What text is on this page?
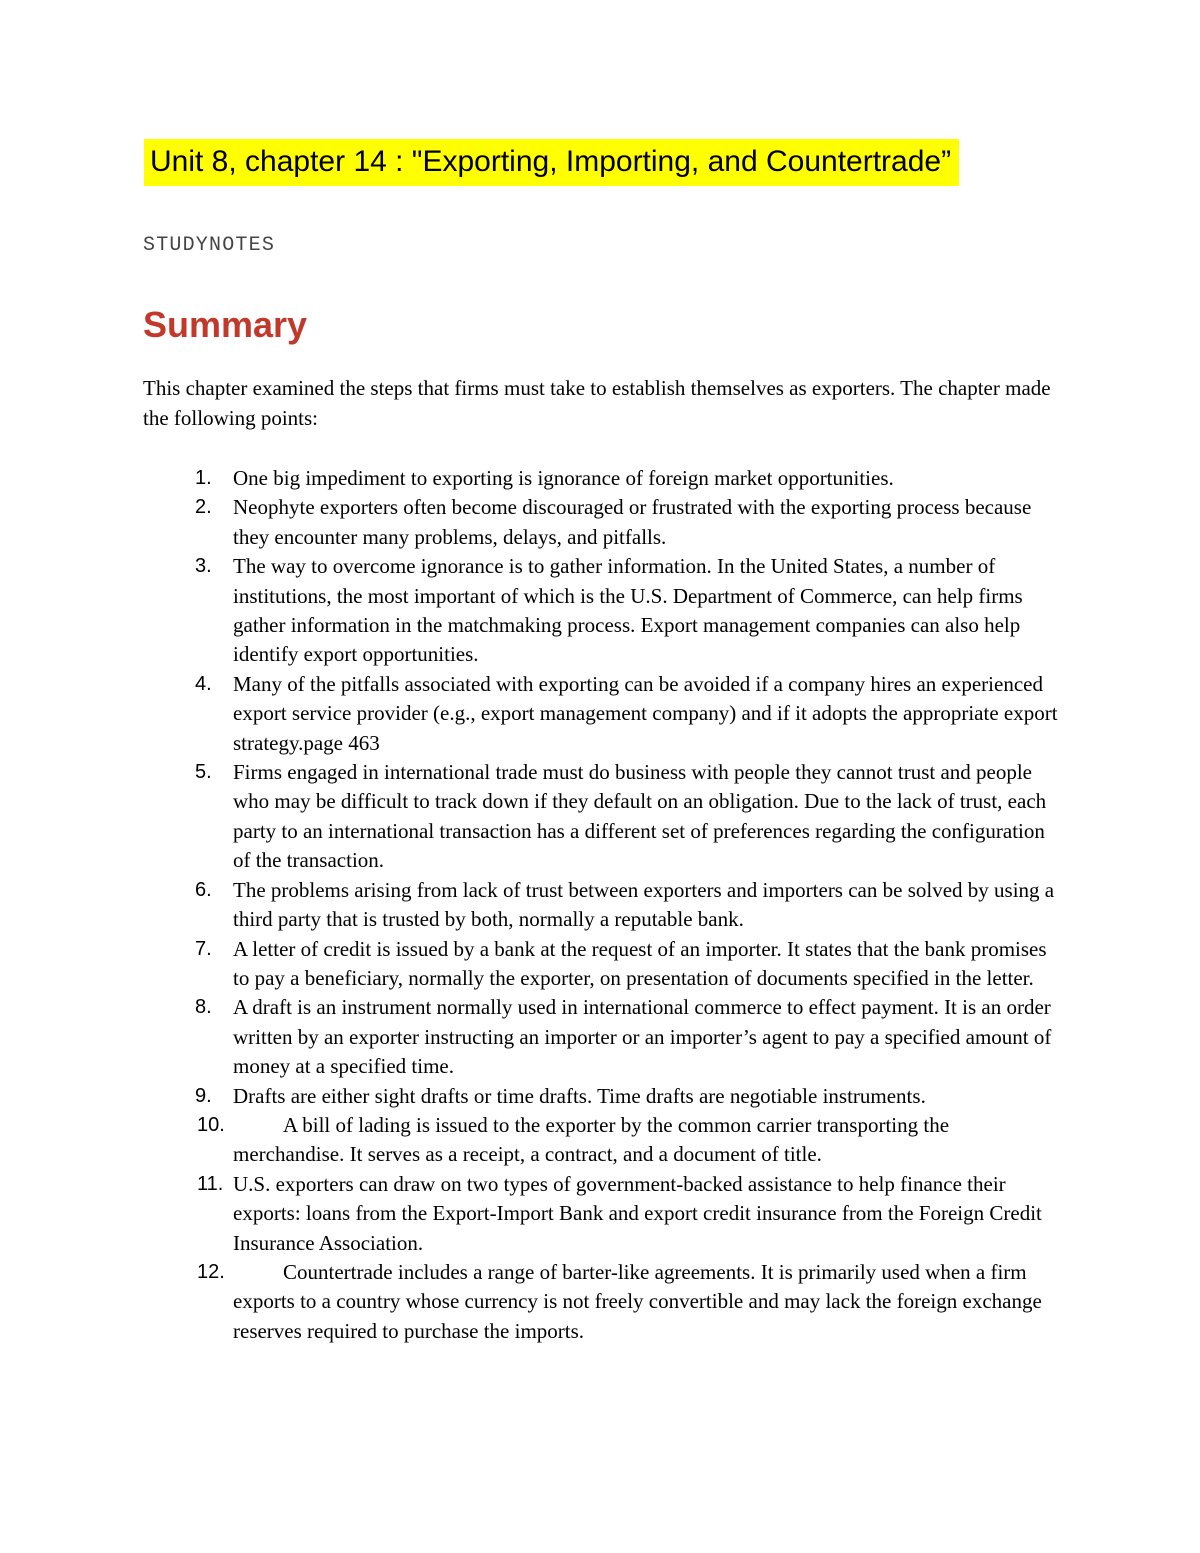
Unit 8, chapter 14 : "Exporting, Importing, and Countertrade”
STUDYNOTES
Summary

This chapter examined the steps that firms must take to establish themselves as exporters. The chapter made the following points:

1. One big impediment to exporting is ignorance of foreign market opportunities.
2. Neophyte exporters often become discouraged or frustrated with the exporting process because they encounter many problems, delays, and pitfalls.
3. The way to overcome ignorance is to gather information. In the United States, a number of institutions, the most important of which is the U.S. Department of Commerce, can help firms gather information in the matchmaking process. Export management companies can also help identify export opportunities.
4. Many of the pitfalls associated with exporting can be avoided if a company hires an experienced export service provider (e.g., export management company) and if it adopts the appropriate export strategy.page 463
5. Firms engaged in international trade must do business with people they cannot trust and people who may be difficult to track down if they default on an obligation. Due to the lack of trust, each party to an international transaction has a different set of preferences regarding the configuration of the transaction.
6. The problems arising from lack of trust between exporters and importers can be solved by using a third party that is trusted by both, normally a reputable bank.
7. A letter of credit is issued by a bank at the request of an importer. It states that the bank promises to pay a beneficiary, normally the exporter, on presentation of documents specified in the letter.
8. A draft is an instrument normally used in international commerce to effect payment. It is an order written by an exporter instructing an importer or an importer’s agent to pay a specified amount of money at a specified time.
9. Drafts are either sight drafts or time drafts. Time drafts are negotiable instruments.
10.	A bill of lading is issued to the exporter by the common carrier transporting the merchandise. It serves as a receipt, a contract, and a document of title.
11. U.S. exporters can draw on two types of government-backed assistance to help finance their exports: loans from the Export-Import Bank and export credit insurance from the Foreign Credit Insurance Association.
12.	Countertrade includes a range of barter-like agreements. It is primarily used when a firm exports to a country whose currency is not freely convertible and may lack the foreign exchange reserves required to purchase the imports.
